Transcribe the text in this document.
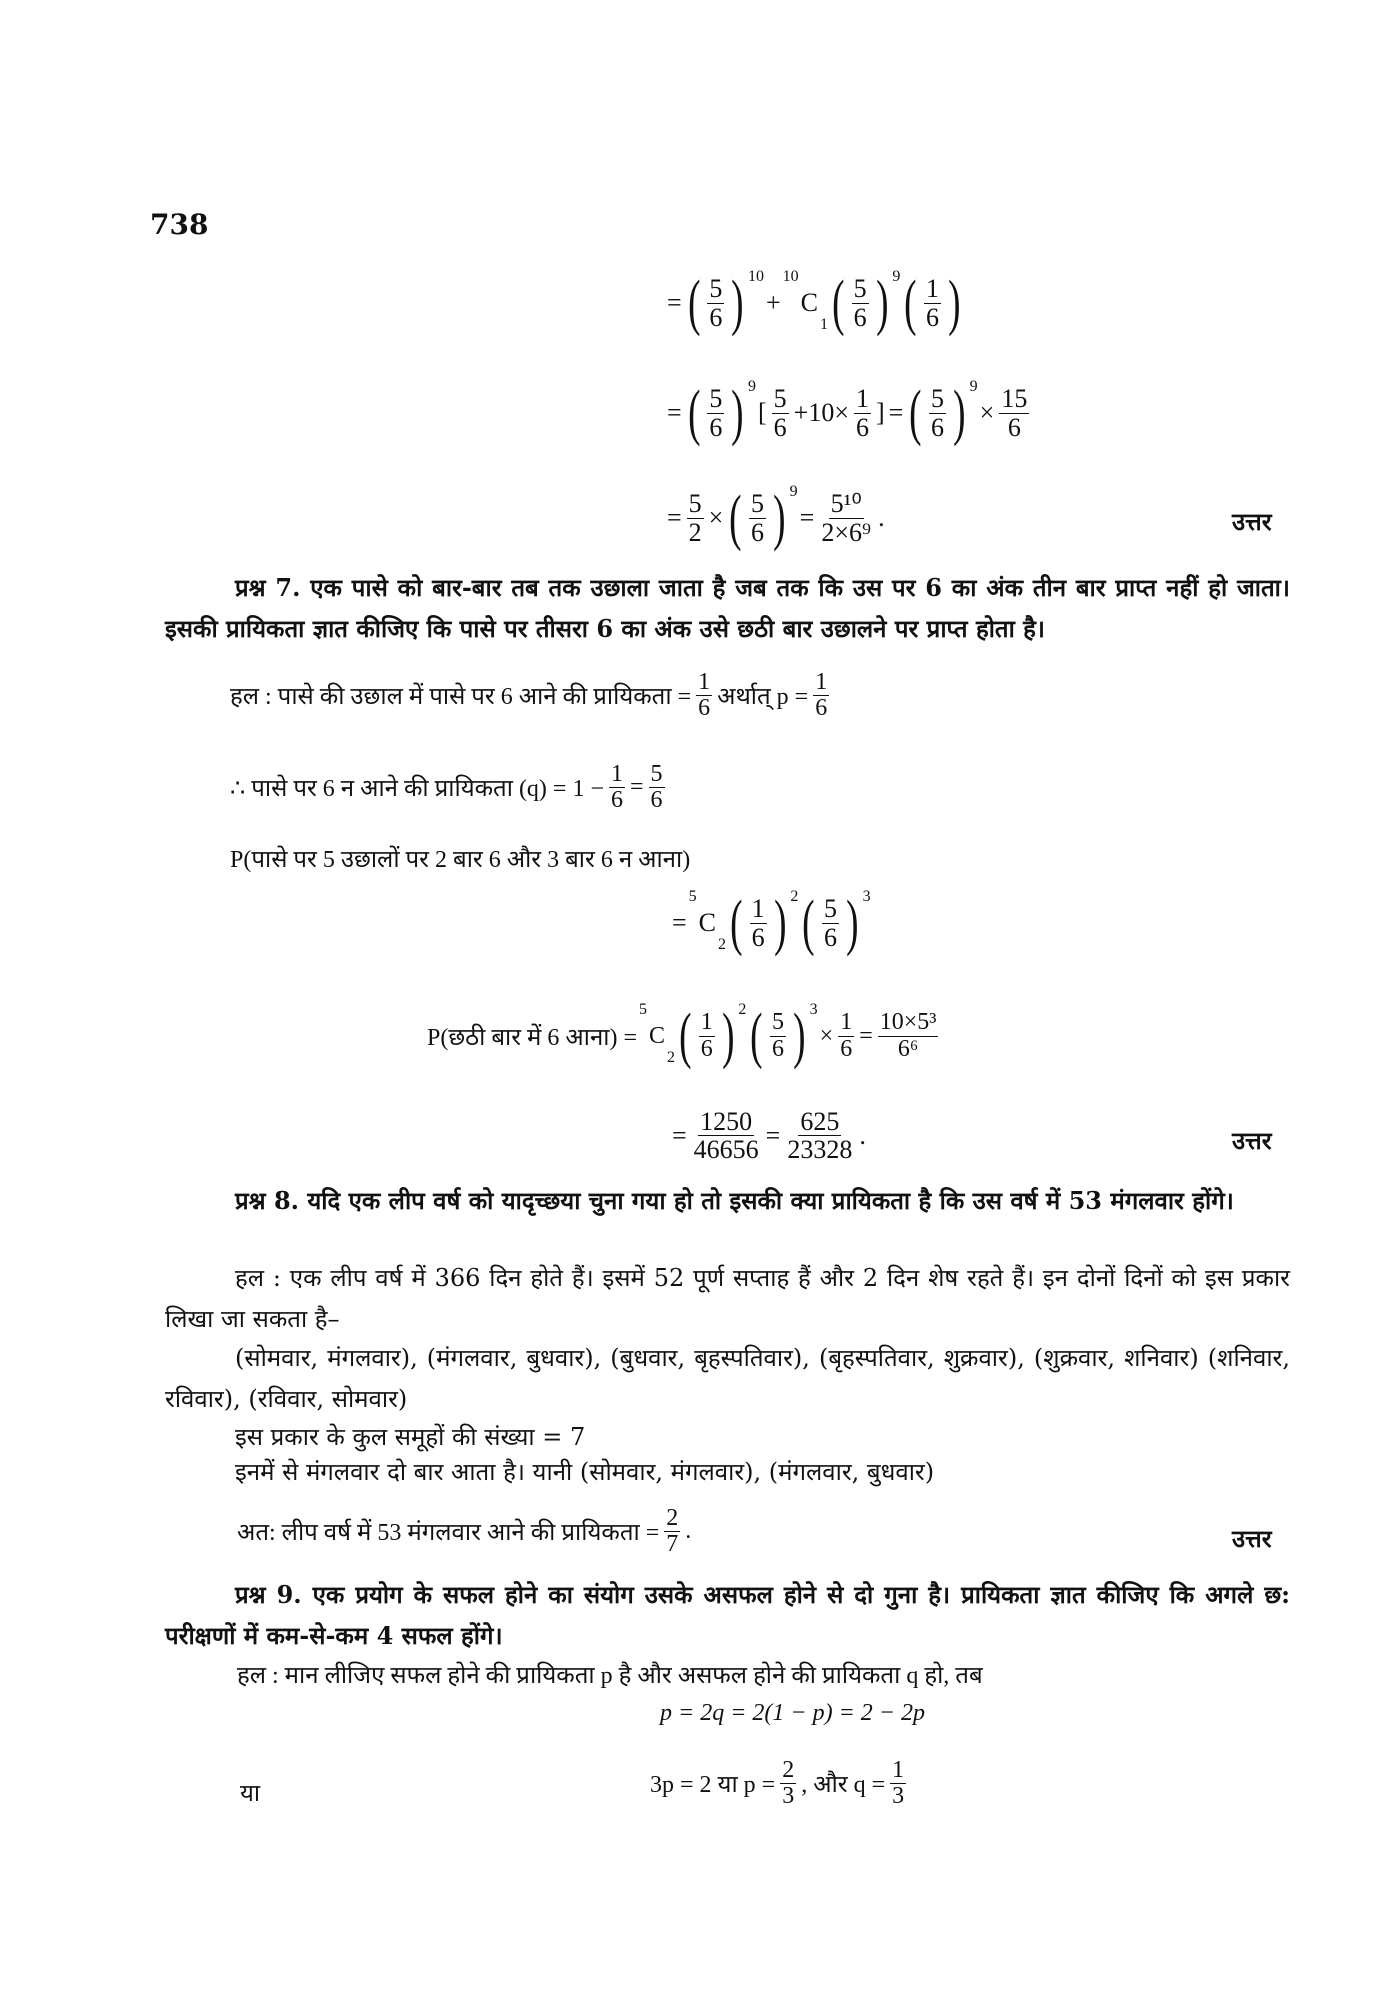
738
= ( $\frac{5}{6}$ ) 10
+
10
C
1 ( $\frac{5}{6}$ ) 9 ( $\frac{1}{6}$ )
= ( $\frac{5}{6}$ ) 9
[ $\frac{5}{6} +10\times \frac{1}{6}$ ] = ( $\frac{5}{6}$ ) 9
× $\frac{15}{6}$
= $\frac{5}{2}$ × ( $\frac{5}{6}$ ) 9
= $\frac{\text{5¹⁰}}{\text{2×6⁹}}$ .	उत्तर
प्रश्न 7. एक पासे को बार-बार तब तक उछाला जाता है जब तक कि उस पर 6 का अंक तीन बार प्राप्त नहीं हो जाता। इसकी प्रायिकता ज्ञात कीजिए कि पासे पर तीसरा 6 का अंक उसे छठी बार उछालने पर प्राप्त होता है।
हल : पासे की उछाल में पासे पर 6 आने की प्रायिकता = $\frac{1}{6}$ अर्थात् $p = \frac{1}{6}$
∴ पासे पर 6 न आने की प्रायिकता $(q) = 1 - \frac{1}{6} = \frac{5}{6}$
P(पासे पर 5 उछालों पर 2 बार 6 और 3 बार 6 न आना)
=
5
C
2 ( $\frac{1}{6}$ ) 2 ( $\frac{5}{6}$ ) 3
P(छठी बार में 6 आना) =
5
C
2 ( $\frac{1}{6}$ ) 2 ( $\frac{5}{6}$ ) 3
× $\frac{1}{6} = \frac{\text{10×5³}}{\text{6⁶}}$
= $\frac{1250}{46656} = \frac{625}{23328}$ .	उत्तर
प्रश्न 8. यदि एक लीप वर्ष को यादृच्छया चुना गया हो तो इसकी क्या प्रायिकता है कि उस वर्ष में 53 मंगलवार होंगे।
हल : एक लीप वर्ष में 366 दिन होते हैं। इसमें 52 पूर्ण सप्ताह हैं और 2 दिन शेष रहते हैं। इन दोनों दिनों को इस प्रकार लिखा जा सकता है–
(सोमवार, मंगलवार), (मंगलवार, बुधवार), (बुधवार, बृहस्पतिवार), (बृहस्पतिवार, शुक्रवार), (शुक्रवार, शनिवार) (शनिवार, रविवार), (रविवार, सोमवार)
इस प्रकार के कुल समूहों की संख्या = 7
इनमें से मंगलवार दो बार आता है। यानी (सोमवार, मंगलवार), (मंगलवार, बुधवार)
अत: लीप वर्ष में 53 मंगलवार आने की प्रायिकता = $\frac{2}{7}$ .	उत्तर
प्रश्न 9. एक प्रयोग के सफल होने का संयोग उसके असफल होने से दो गुना है। प्रायिकता ज्ञात कीजिए कि अगले छ: परीक्षणों में कम-से-कम 4 सफल होंगे।
हल : मान लीजिए सफल होने की प्रायिकता p है और असफल होने की प्रायिकता q हो, तब
p = 2q = 2(1 − p) = 2 − 2p
या	3p = 2 या $p = \frac{2}{3}$ , और $q = \frac{1}{3}$
